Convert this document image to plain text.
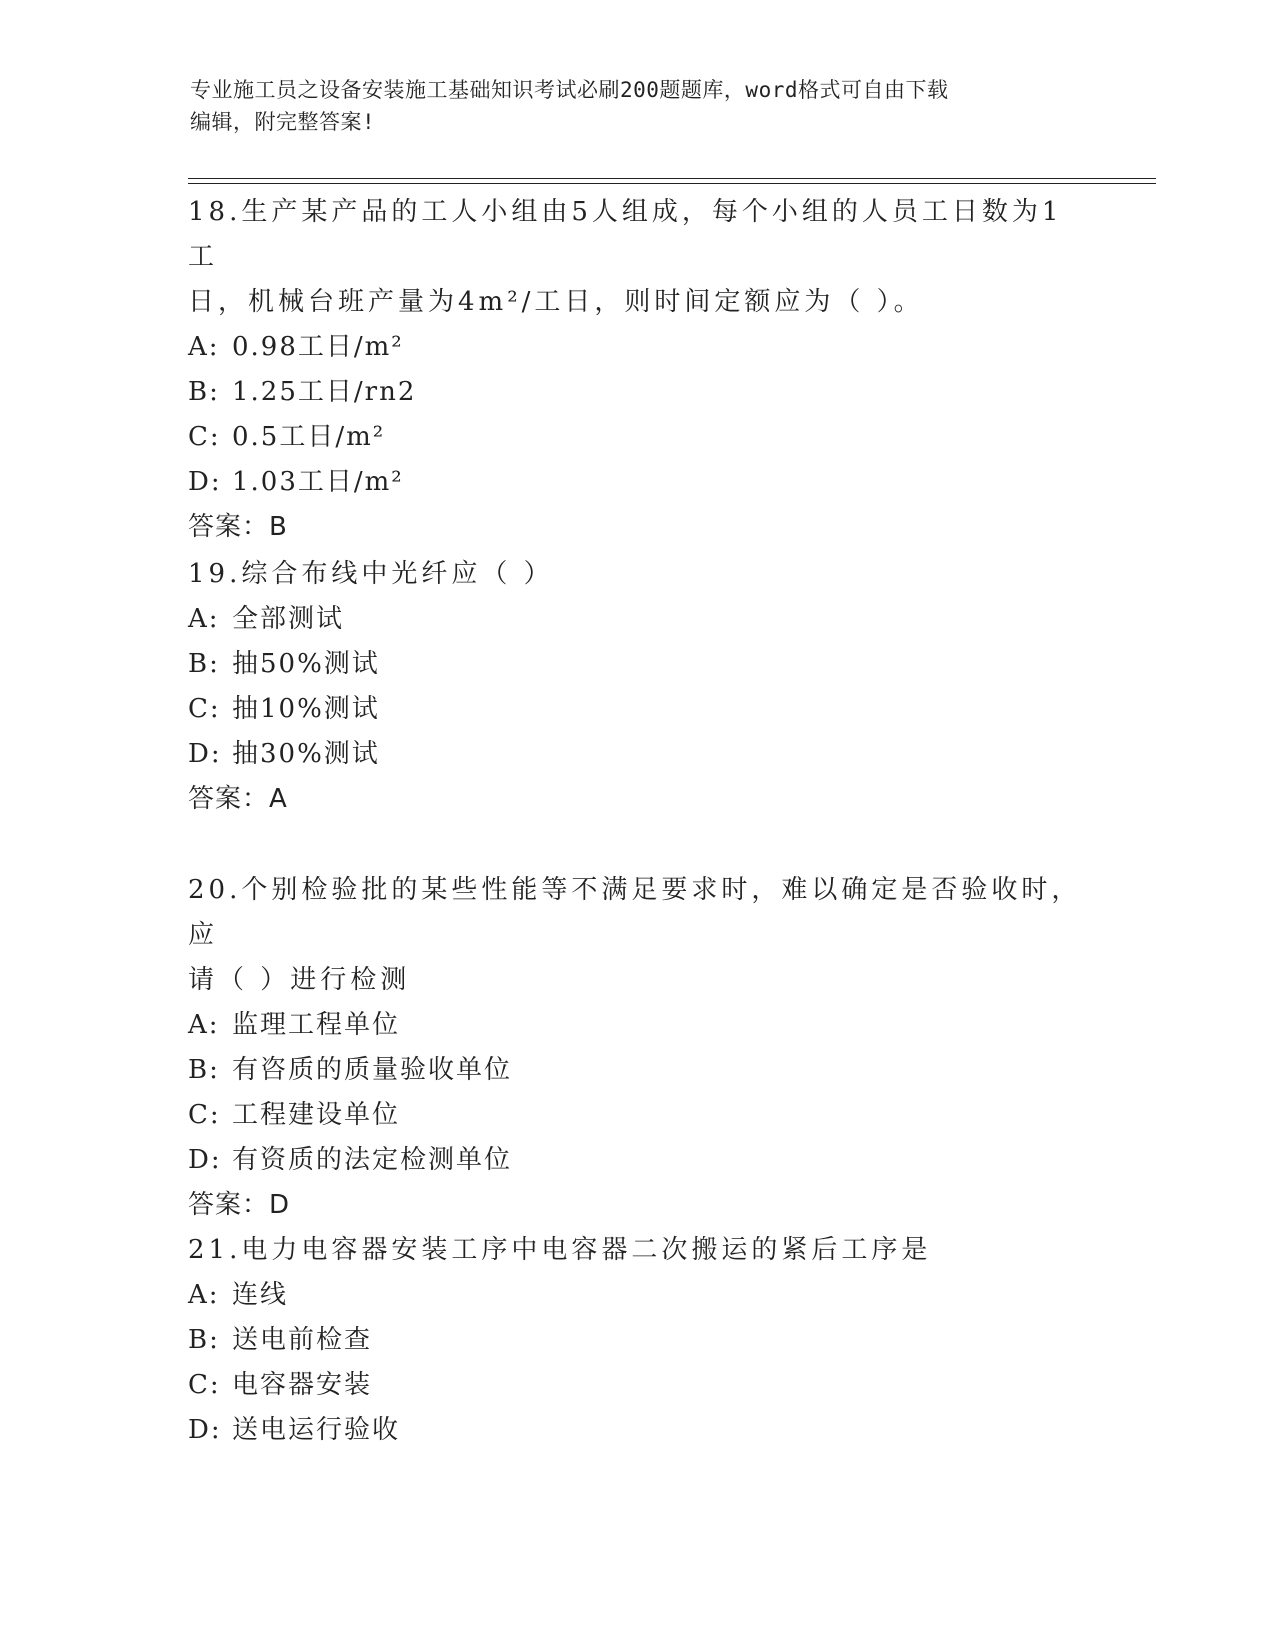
专业施工员之设备安装施工基础知识考试必刷200题题库，word格式可自由下载
编辑，附完整答案!

18.生产某产品的工人小组由5人组成，每个小组的人员工日数为1工
日，机械台班产量为4m²/工日，则时间定额应为（ ）。

A: 0.98工日/m²

B: 1.25工日/rn2

C: 0.5工日/m²

D: 1.03工日/m²

答案：B

19.综合布线中光纤应（ ）

A: 全部测试

B: 抽50%测试

C: 抽10%测试

D: 抽30%测试

答案：A

20.个别检验批的某些性能等不满足要求时，难以确定是否验收时，应
请（ ）进行检测

A: 监理工程单位

B: 有咨质的质量验收单位

C: 工程建设单位

D: 有资质的法定检测单位

答案：D

21.电力电容器安装工序中电容器二次搬运的紧后工序是

A: 连线

B: 送电前检查

C: 电容器安装

D: 送电运行验收
